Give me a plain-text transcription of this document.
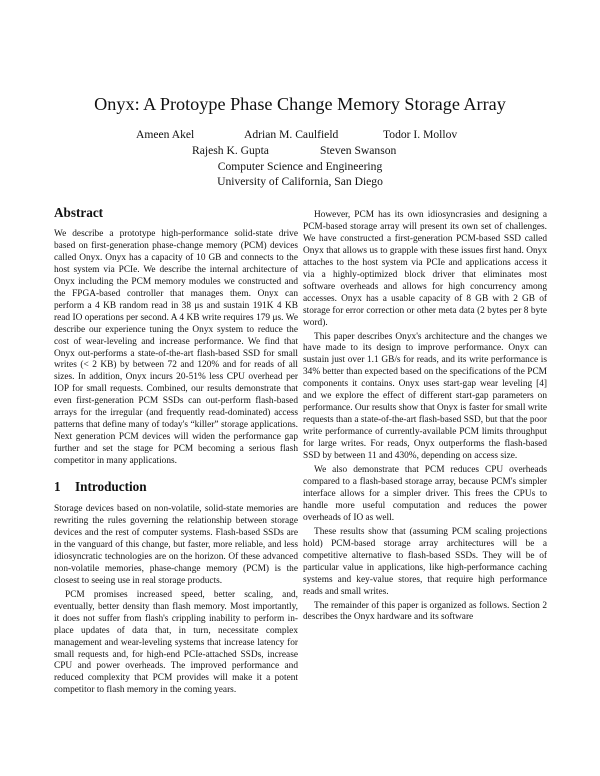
Onyx: A Protoype Phase Change Memory Storage Array
Ameen Akel	Adrian M. Caulfield	Todor I. Mollov
Rajesh K. Gupta	Steven Swanson
Computer Science and Engineering
University of California, San Diego
Abstract

We describe a prototype high-performance solid-state drive based on first-generation phase-change memory (PCM) devices called Onyx. Onyx has a capacity of 10 GB and connects to the host system via PCIe. We describe the internal architecture of Onyx including the PCM memory modules we constructed and the FPGA-based controller that manages them. Onyx can perform a 4 KB random read in 38 μs and sustain 191K 4 KB read IO operations per second. A 4 KB write requires 179 μs. We describe our experience tuning the Onyx system to reduce the cost of wear-leveling and increase performance. We find that Onyx out-performs a state-of-the-art flash-based SSD for small writes (< 2 KB) by between 72 and 120% and for reads of all sizes. In addition, Onyx incurs 20-51% less CPU overhead per IOP for small requests. Combined, our results demonstrate that even first-generation PCM SSDs can out-perform flash-based arrays for the irregular (and frequently read-dominated) access patterns that define many of today's “killer” storage applications. Next generation PCM devices will widen the performance gap further and set the stage for PCM becoming a serious flash competitor in many applications.

1 Introduction

Storage devices based on non-volatile, solid-state memories are rewriting the rules governing the relationship between storage devices and the rest of computer systems. Flash-based SSDs are in the vanguard of this change, but faster, more reliable, and less idiosyncratic technologies are on the horizon. Of these advanced non-volatile memories, phase-change memory (PCM) is the closest to seeing use in real storage products.

PCM promises increased speed, better scaling, and, eventually, better density than flash memory. Most importantly, it does not suffer from flash's crippling inability to perform in-place updates of data that, in turn, necessitate complex management and wear-leveling systems that increase latency for small requests and, for high-end PCIe-attached SSDs, increase CPU and power overheads. The improved performance and reduced complexity that PCM provides will make it a potent competitor to flash memory in the coming years.

However, PCM has its own idiosyncrasies and designing a PCM-based storage array will present its own set of challenges. We have constructed a first-generation PCM-based SSD called Onyx that allows us to grapple with these issues first hand. Onyx attaches to the host system via PCIe and applications access it via a highly-optimized block driver that eliminates most software overheads and allows for high concurrency among accesses. Onyx has a usable capacity of 8 GB with 2 GB of storage for error correction or other meta data (2 bytes per 8 byte word).

This paper describes Onyx's architecture and the changes we have made to its design to improve performance. Onyx can sustain just over 1.1 GB/s for reads, and its write performance is 34% better than expected based on the specifications of the PCM components it contains. Onyx uses start-gap wear leveling [4] and we explore the effect of different start-gap parameters on performance. Our results show that Onyx is faster for small write requests than a state-of-the-art flash-based SSD, but that the poor write performance of currently-available PCM limits throughput for large writes. For reads, Onyx outperforms the flash-based SSD by between 11 and 430%, depending on access size.

We also demonstrate that PCM reduces CPU overheads compared to a flash-based storage array, because PCM's simpler interface allows for a simpler driver. This frees the CPUs to handle more useful computation and reduces the power overheads of IO as well.

These results show that (assuming PCM scaling projections hold) PCM-based storage array architectures will be a competitive alternative to flash-based SSDs. They will be of particular value in applications, like high-performance caching systems and key-value stores, that require high performance reads and small writes.

The remainder of this paper is organized as follows. Section 2 describes the Onyx hardware and its software
